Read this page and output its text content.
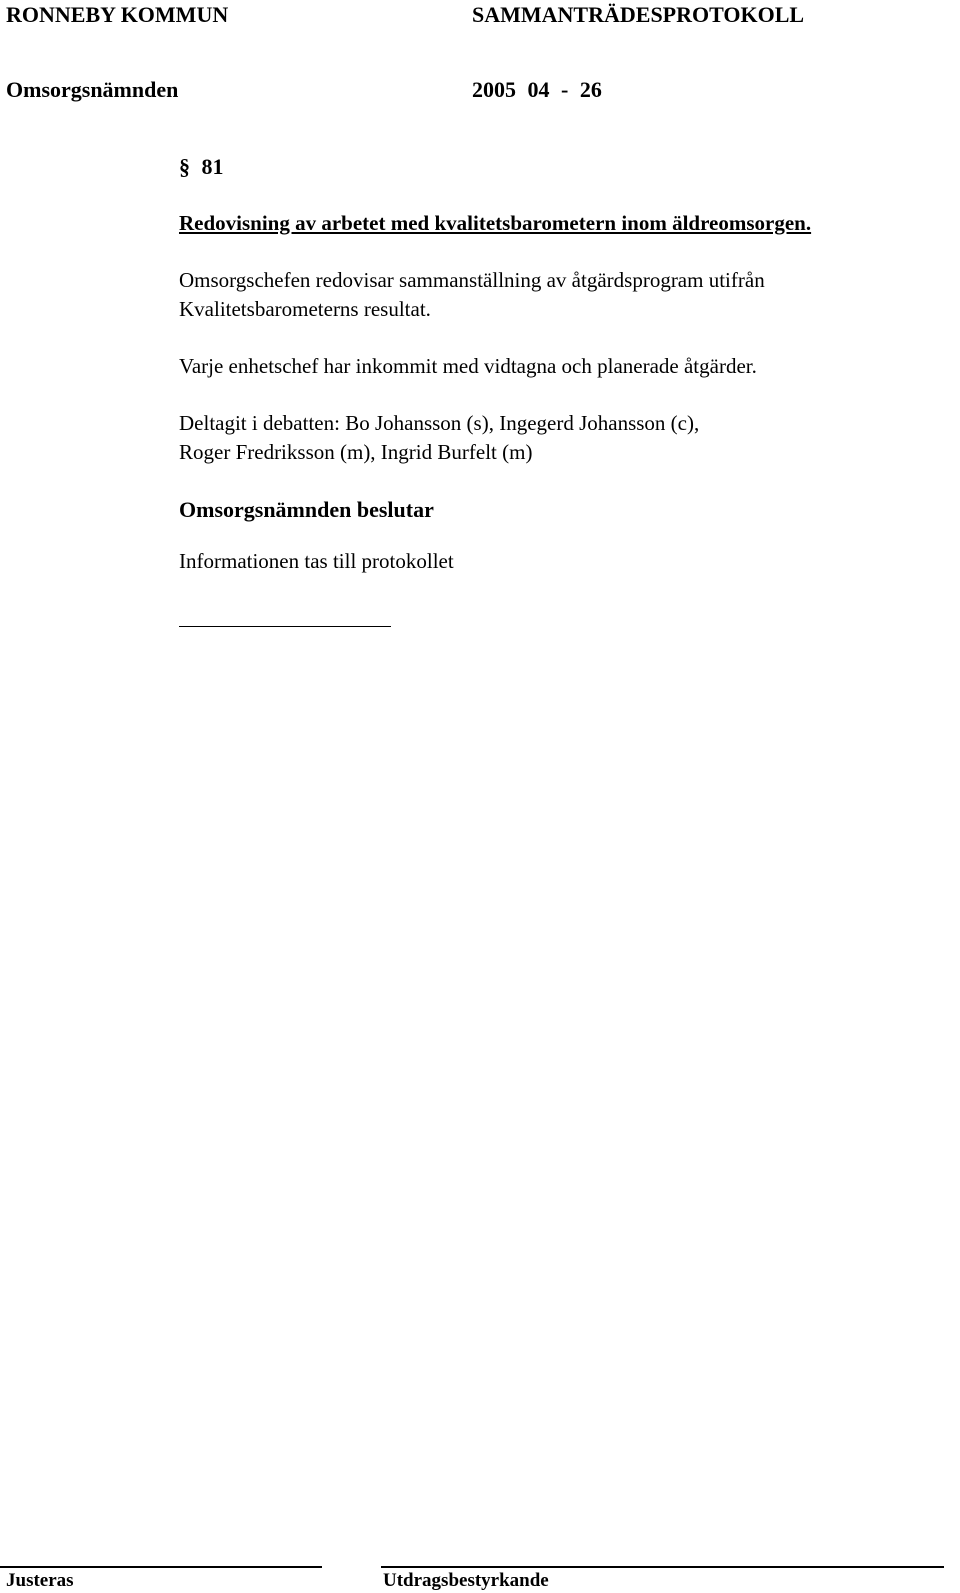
RONNEBY KOMMUN	SAMMANTRÄDESPROTOKOLL
Omsorgsnämnden	2005 04 - 26
§ 81
Redovisning av arbetet med kvalitetsbarometern inom äldreomsorgen.
Omsorgschefen redovisar sammanställning av åtgärdsprogram utifrån
Kvalitetsbarometerns resultat.
Varje enhetschef har inkommit med vidtagna och planerade åtgärder.
Deltagit i debatten: Bo Johansson (s), Ingegerd Johansson (c),
Roger Fredriksson (m), Ingrid Burfelt (m)
Omsorgsnämnden beslutar
Informationen tas till protokollet
Justeras	Utdragsbestyrkande
